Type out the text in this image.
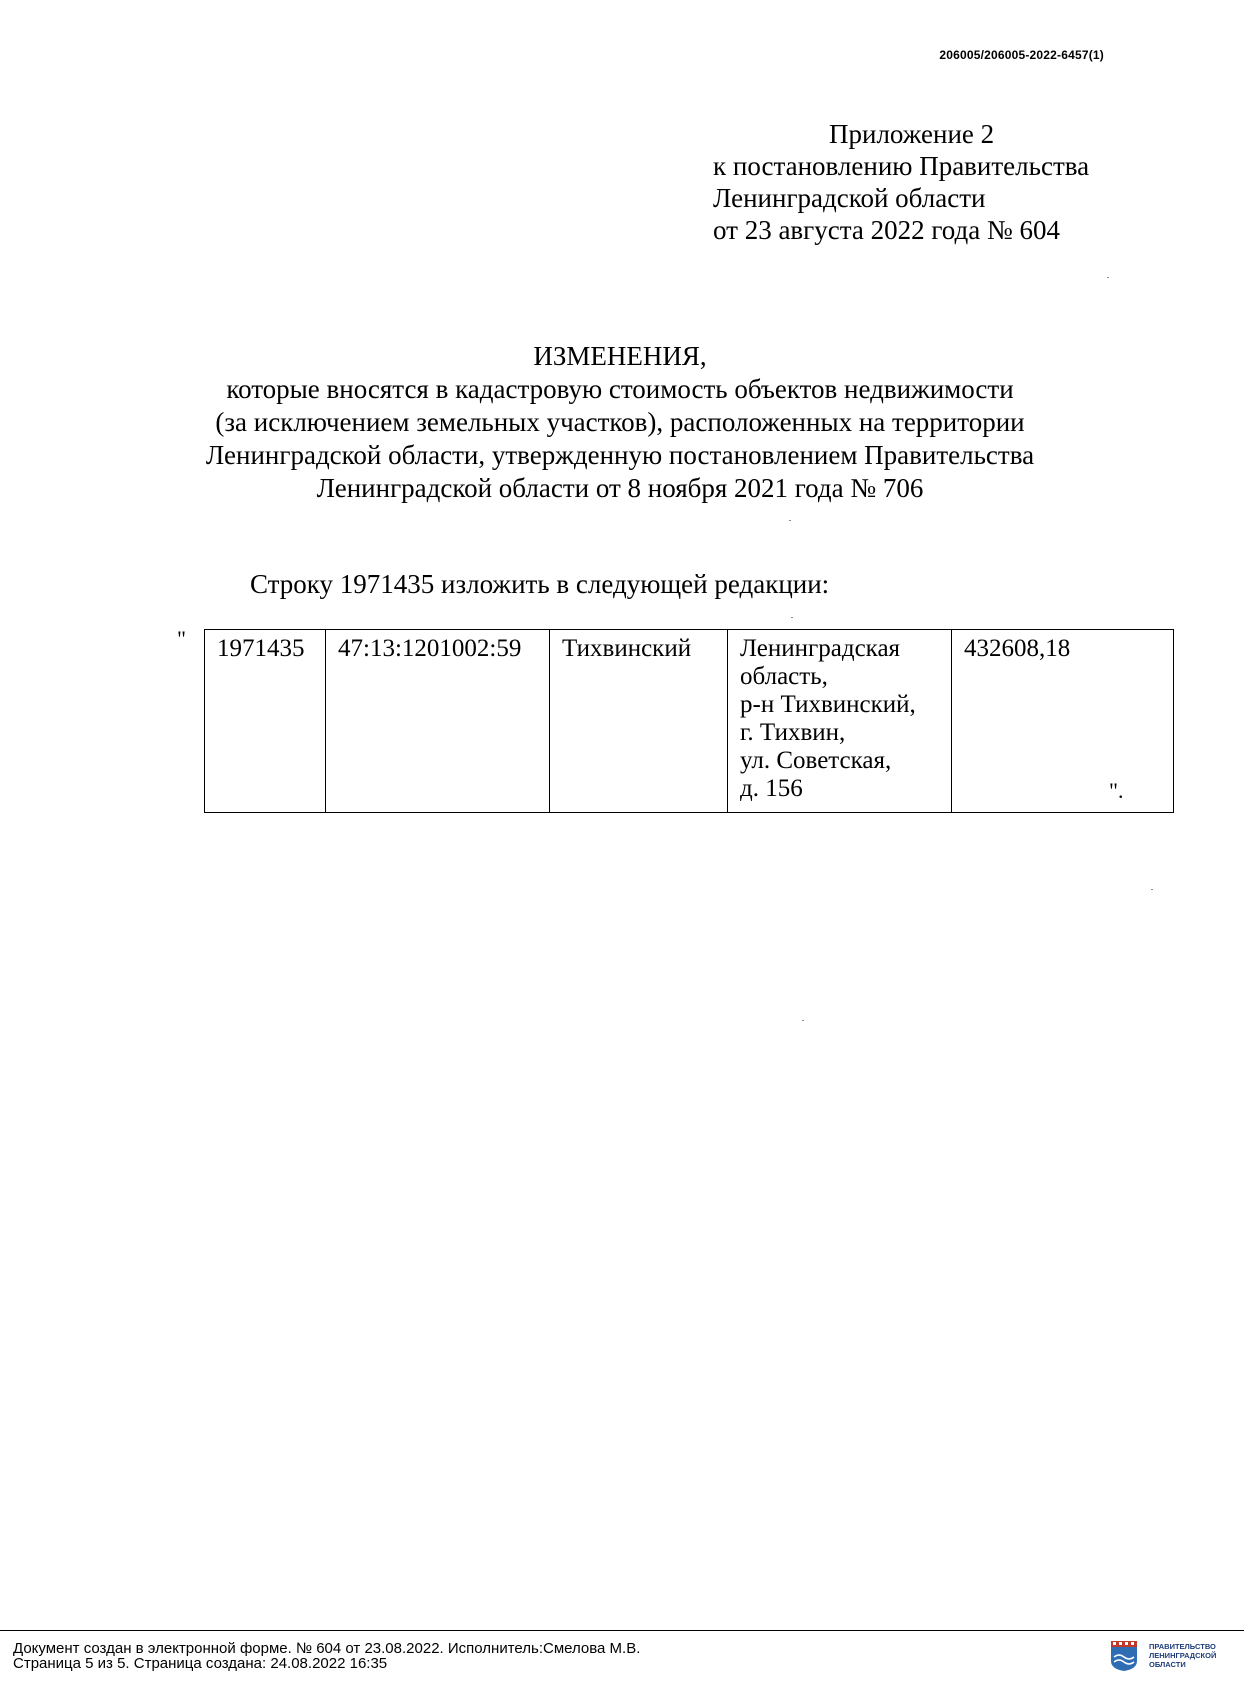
206005/206005-2022-6457(1)
Приложение 2
к постановлению Правительства
Ленинградской области
от 23 августа 2022 года № 604
ИЗМЕНЕНИЯ,
которые вносятся в кадастровую стоимость объектов недвижимости
(за исключением земельных участков), расположенных на территории
Ленинградской области, утвержденную постановлением Правительства
Ленинградской области от 8 ноября 2021 года № 706
Строку 1971435 изложить в следующей редакции:
" 1971435	47:13:1201002:59	Тихвинский	Ленинградская
область,
р-н Тихвинский,
г. Тихвин,
ул. Советская,
д. 156
	432608,18
".
Документ создан в электронной форме. № 604 от 23.08.2022. Исполнитель:Смелова М.В.
Страница 5 из 5. Страница создана: 24.08.2022 16:35
ПРАВИТЕЛЬСТВО
ЛЕНИНГРАДСКОЙ
ОБЛАСТИ
